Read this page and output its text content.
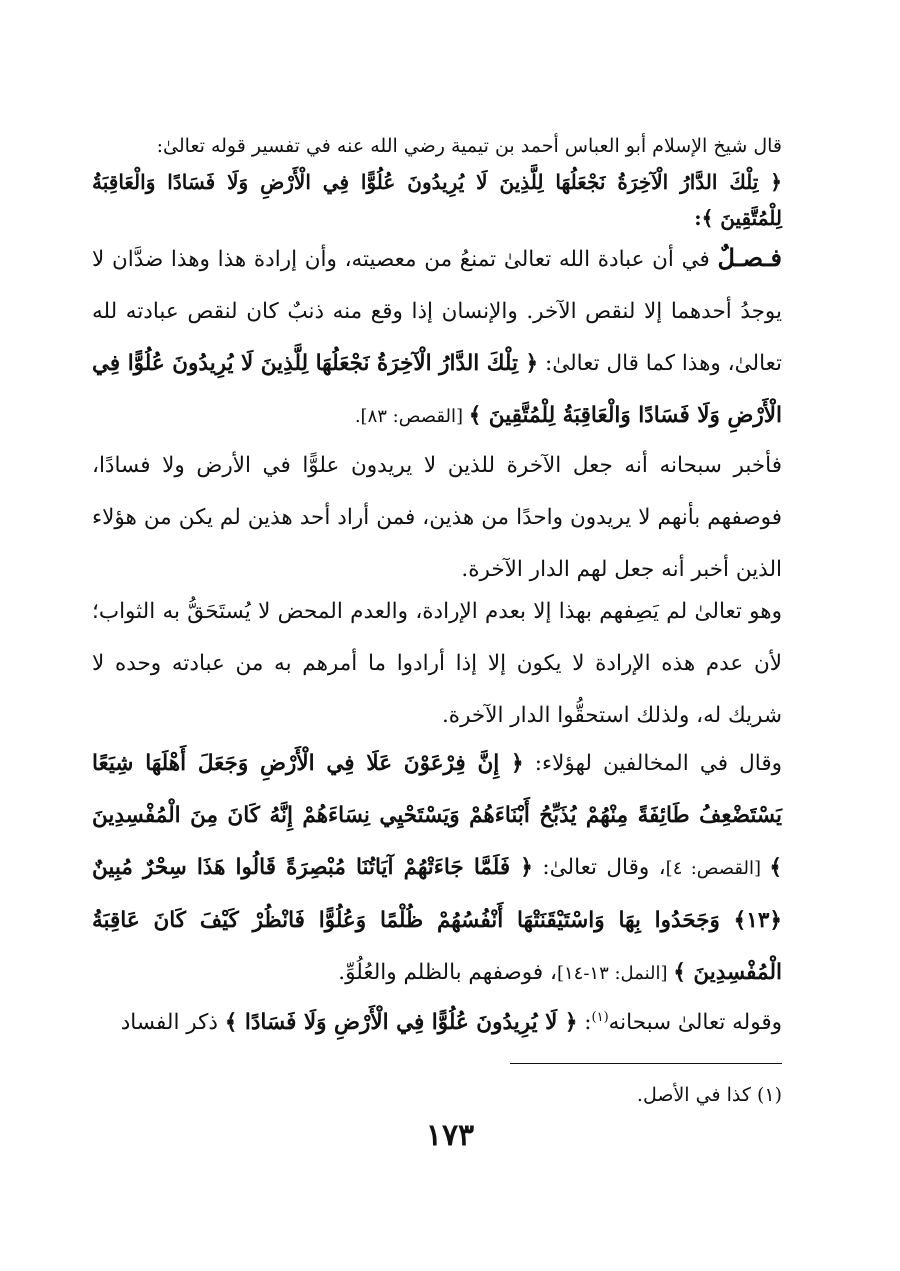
قال شيخ الإسلام أبو العباس أحمد بن تيمية رضي الله عنه في تفسير قوله تعالىٰ:
﴿ تِلْكَ الدَّارُ الْآخِرَةُ نَجْعَلُهَا لِلَّذِينَ لَا يُرِيدُونَ عُلُوًّا فِي الْأَرْضِ وَلَا فَسَادًا وَالْعَاقِبَةُ لِلْمُتَّقِينَ ﴾:
فـصـلٌ في أن عبادة الله تعالىٰ تمنعُ من معصيته، وأن إرادة هذا وهذا ضدَّان لا يوجدُ أحدهما إلا لنقص الآخر. والإنسان إذا وقع منه ذنبٌ كان لنقص عبادته لله تعالىٰ، وهذا كما قال تعالىٰ: ﴿ تِلْكَ الدَّارُ الْآخِرَةُ نَجْعَلُهَا لِلَّذِينَ لَا يُرِيدُونَ عُلُوًّا فِي الْأَرْضِ وَلَا فَسَادًا وَالْعَاقِبَةُ لِلْمُتَّقِينَ ﴾ [القصص: ٨٣].
فأخبر سبحانه أنه جعل الآخرة للذين لا يريدون علوًّا في الأرض ولا فسادًا، فوصفهم بأنهم لا يريدون واحدًا من هذين، فمن أراد أحد هذين لم يكن من هؤلاء الذين أخبر أنه جعل لهم الدار الآخرة.
وهو تعالىٰ لم يَصِفهم بهذا إلا بعدم الإرادة، والعدم المحض لا يُستَحَقُّ به الثواب؛ لأن عدم هذه الإرادة لا يكون إلا إذا أرادوا ما أمرهم به من عبادته وحده لا شريك له، ولذلك استحقُّوا الدار الآخرة.
وقال في المخالفين لهؤلاء: ﴿ إِنَّ فِرْعَوْنَ عَلَا فِي الْأَرْضِ وَجَعَلَ أَهْلَهَا شِيَعًا يَسْتَضْعِفُ طَائِفَةً مِنْهُمْ يُذَبِّحُ أَبْنَاءَهُمْ وَيَسْتَحْيِي نِسَاءَهُمْ إِنَّهُ كَانَ مِنَ الْمُفْسِدِينَ ﴾ [القصص: ٤]، وقال تعالىٰ: ﴿ فَلَمَّا جَاءَتْهُمْ آيَاتُنَا مُبْصِرَةً قَالُوا هَذَا سِحْرٌ مُبِينٌ ﴿١٣﴾ وَجَحَدُوا بِهَا وَاسْتَيْقَنَتْهَا أَنْفُسُهُمْ ظُلْمًا وَعُلُوًّا فَانْظُرْ كَيْفَ كَانَ عَاقِبَةُ الْمُفْسِدِينَ ﴾ [النمل: ١٣-١٤]، فوصفهم بالظلم والعُلُوِّ.
وقوله تعالىٰ سبحانه$^{(١)}$: ﴿ لَا يُرِيدُونَ عُلُوًّا فِي الْأَرْضِ وَلَا فَسَادًا ﴾ ذكر الفساد
(١) كذا في الأصل.
١٧٣
